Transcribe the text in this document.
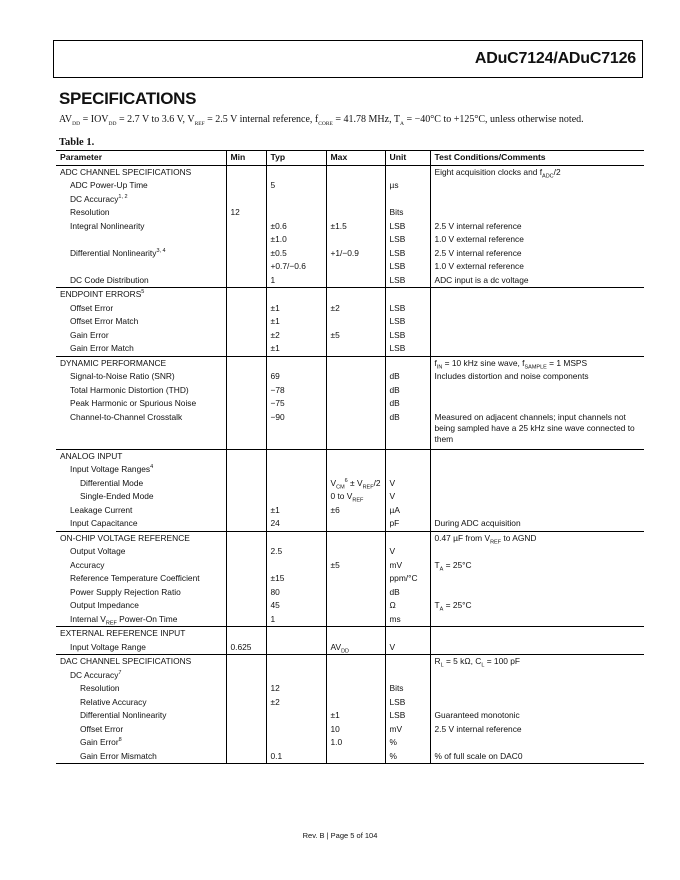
ADuC7124/ADuC7126
SPECIFICATIONS
$AV_{DD} = IOV_{DD} = 2.7$ V to 3.6 V, $V_{REF} = 2.5$ V internal reference, $f_{CORE} = 41.78$ MHz, $T_A = -40^\circ C$ to +125°C, unless otherwise noted.
Table 1.
Parameter	Min	Typ	Max	Unit	Test Conditions/Comments
ADC CHANNEL SPECIFICATIONS					Eight acquisition clocks and $f_{ADC}/2$
ADC Power-Up Time		5		µs	
DC Accuracy$^{1, 2}$					
Resolution	12			Bits	
Integral Nonlinearity		±0.6	±1.5	LSB	2.5 V internal reference
		±1.0		LSB	1.0 V external reference
Differential Nonlinearity$^{3, 4}$		±0.5	+1/−0.9	LSB	2.5 V internal reference
		+0.7/−0.6		LSB	1.0 V external reference
DC Code Distribution		1		LSB	ADC input is a dc voltage
ENDPOINT ERRORS$^5$					
Offset Error		±1	±2	LSB	
Offset Error Match		±1		LSB	
Gain Error		±2	±5	LSB	
Gain Error Match		±1		LSB	
DYNAMIC PERFORMANCE					$f_{IN} = 10$ kHz sine wave, $f_{SAMPLE} = 1$ MSPS
Signal-to-Noise Ratio (SNR)		69		dB	Includes distortion and noise components
Total Harmonic Distortion (THD)		−78		dB	
Peak Harmonic or Spurious Noise		−75		dB	
Channel-to-Channel Crosstalk		−90		dB	Measured on adjacent channels; input channels not being sampled have a 25 kHz sine wave connected to them
ANALOG INPUT					
Input Voltage Ranges$^4$					
Differential Mode			$V_{CM}^6 \pm V_{REF}/2$	V	
Single-Ended Mode			0 to $V_{REF}$	V	
Leakage Current		±1	±6	µA	
Input Capacitance		24		pF	During ADC acquisition
ON-CHIP VOLTAGE REFERENCE					0.47 µF from $V_{REF}$ to AGND
Output Voltage		2.5		V	
Accuracy			±5	mV	$T_A = 25^\circ C$
Reference Temperature Coefficient		±15		ppm/°C	
Power Supply Rejection Ratio		80		dB	
Output Impedance		45		Ω	$T_A = 25^\circ C$
Internal $V_{REF}$ Power-On Time		1		ms	
EXTERNAL REFERENCE INPUT					
Input Voltage Range	0.625		$AV_{DD}$	V	
DAC CHANNEL SPECIFICATIONS					$R_L = 5$ kΩ, $C_L = 100$ pF
DC Accuracy$^7$					
Resolution		12		Bits	
Relative Accuracy		±2		LSB	
Differential Nonlinearity			±1	LSB	Guaranteed monotonic
Offset Error			10	mV	2.5 V internal reference
Gain Error$^8$			1.0	%	
Gain Error Mismatch		0.1		%	% of full scale on DAC0
Rev. B | Page 5 of 104
